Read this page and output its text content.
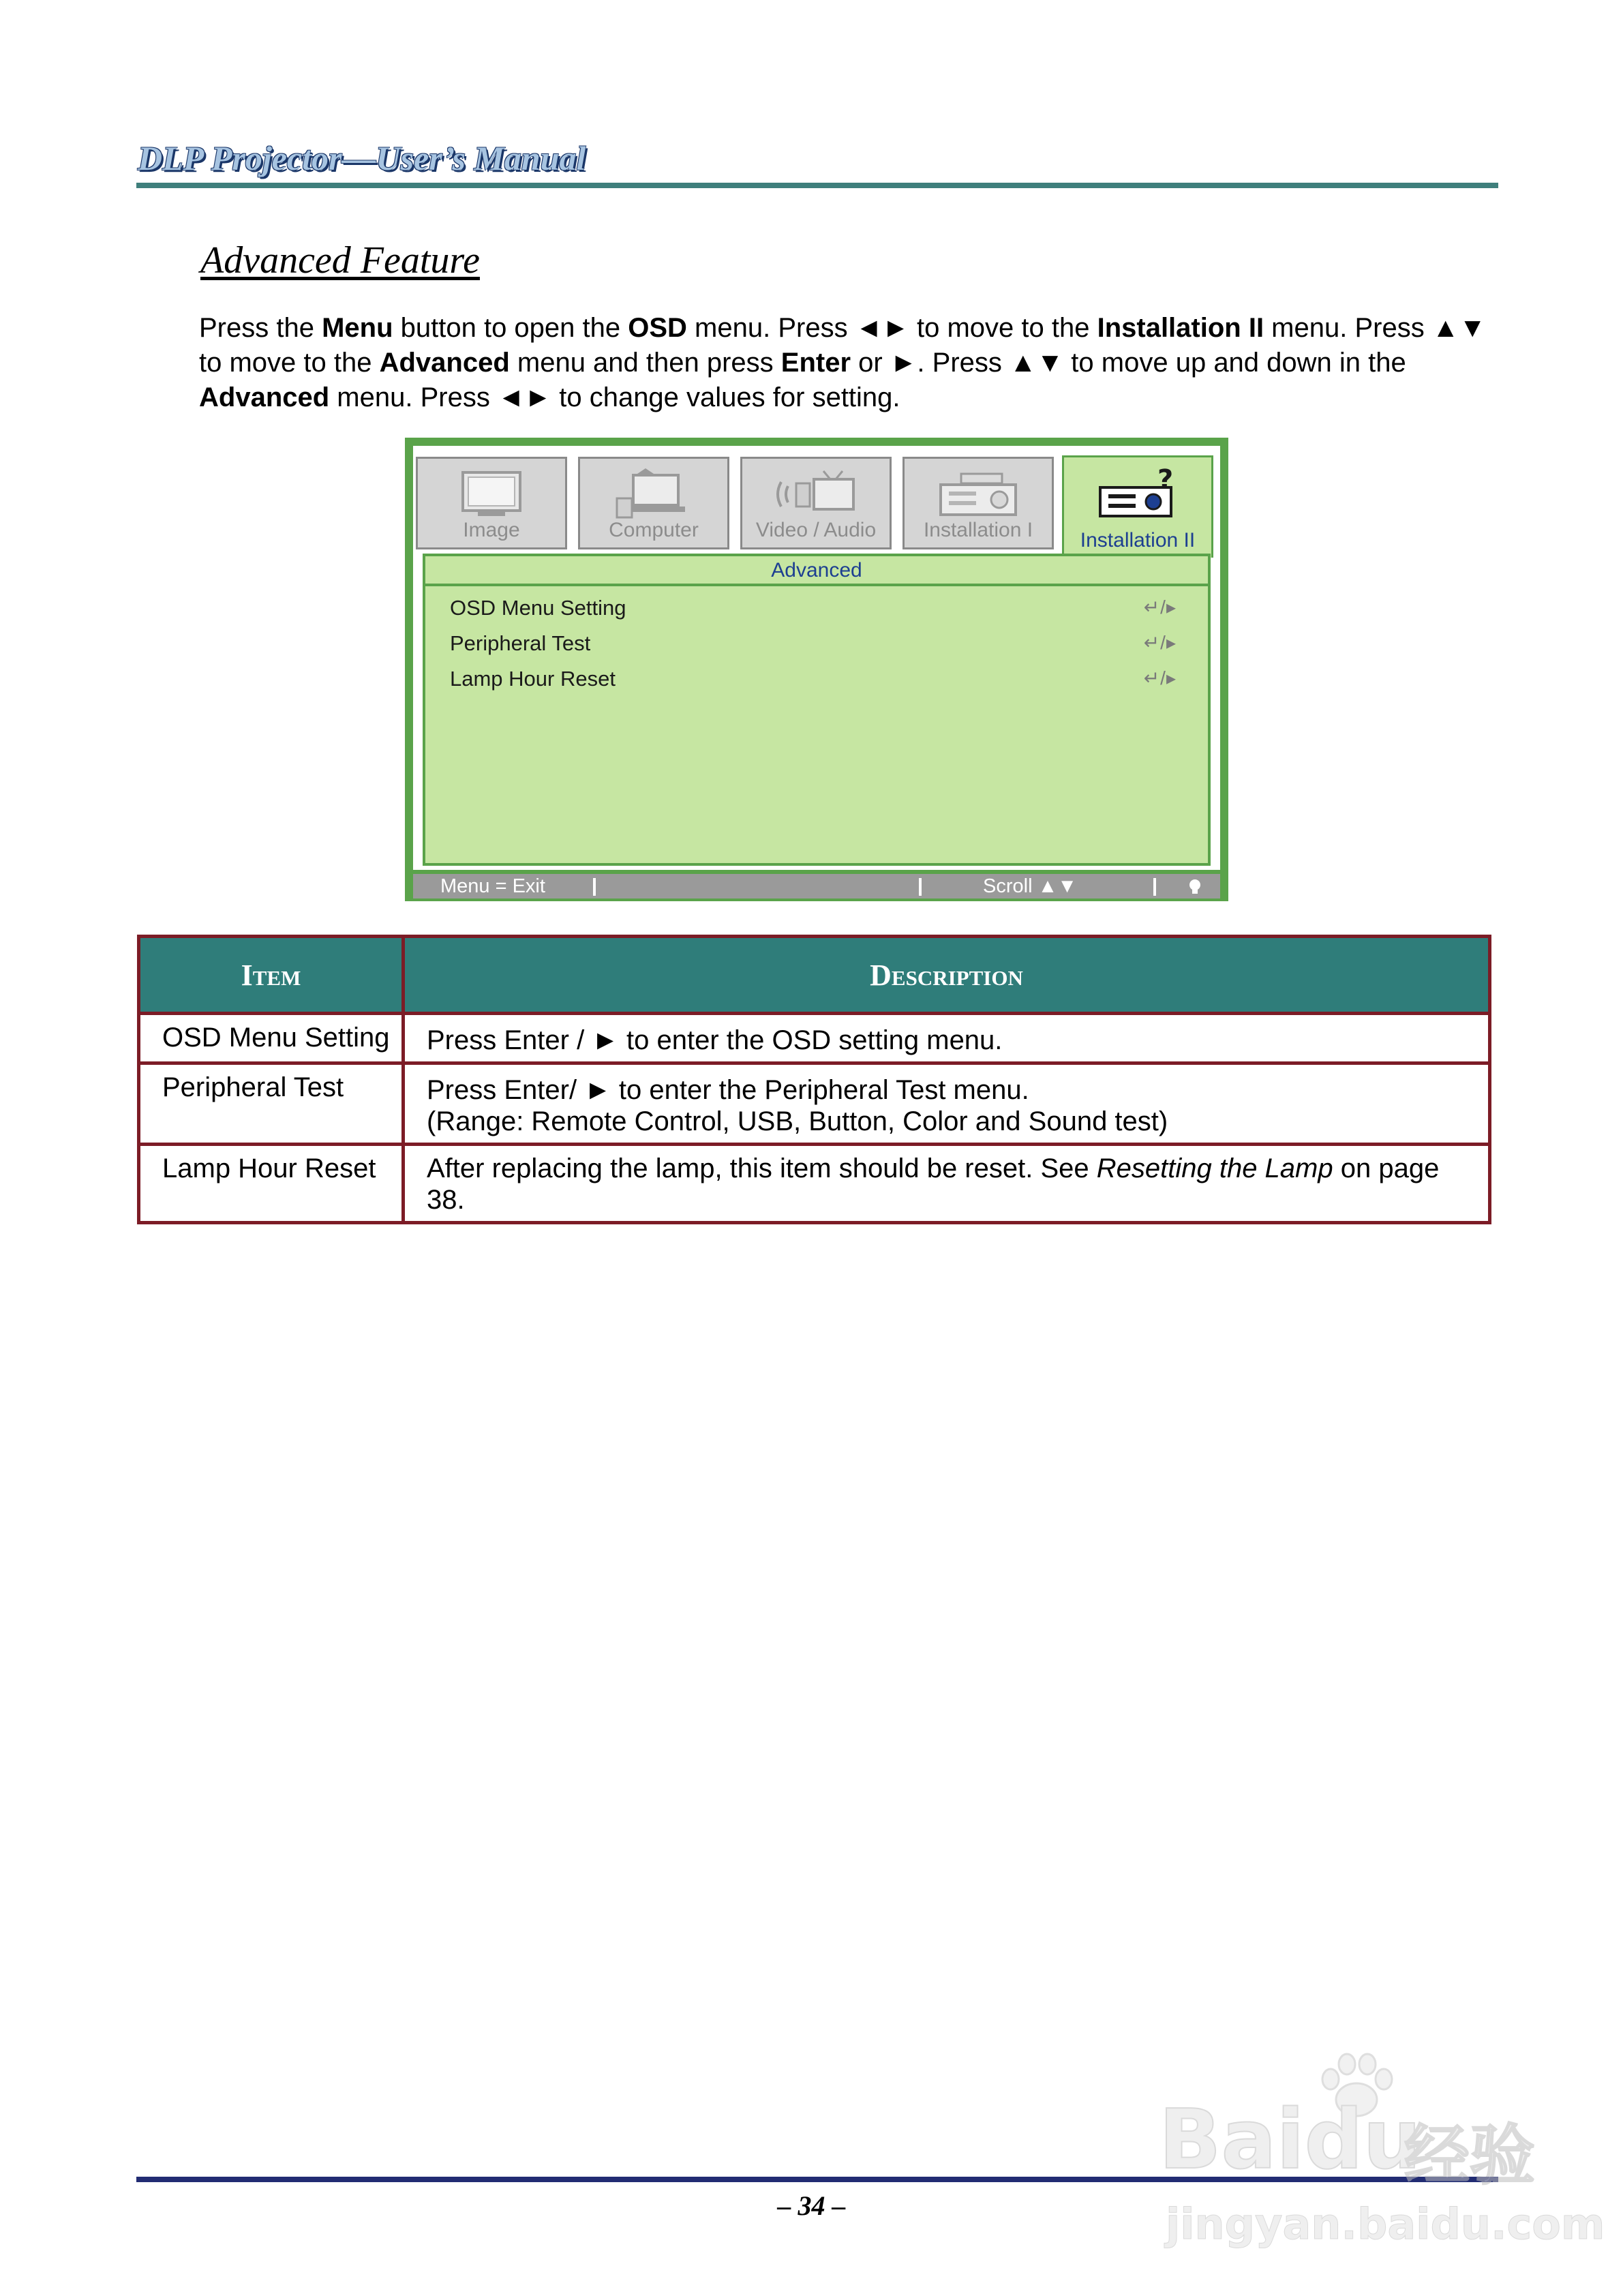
DLP Projector—User’s Manual
Advanced Feature
Press the Menu button to open the OSD menu. Press ◄► to move to the Installation II menu. Press ▲▼ to move to the Advanced menu and then press Enter or ►. Press ▲▼ to move up and down in the Advanced menu. Press ◄► to change values for setting.
Image	Computer	Video / Audio	Installation I
?
Installation II
Advanced
OSD Menu Setting	↵/▸
Peripheral Test	↵/▸
Lamp Hour Reset	↵/▸
Menu = Exit	Scroll ▲▼
Item	Description
OSD Menu Setting	Press Enter / ► to enter the OSD setting menu.
Peripheral Test	Press Enter/ ► to enter the Peripheral Test menu.
(Range: Remote Control, USB, Button, Color and Sound test)

Lamp Hour Reset	After replacing the lamp, this item should be reset. See Resetting the Lamp on page 38.
– 34 –
Baidu
经验
jingyan.baidu.com
